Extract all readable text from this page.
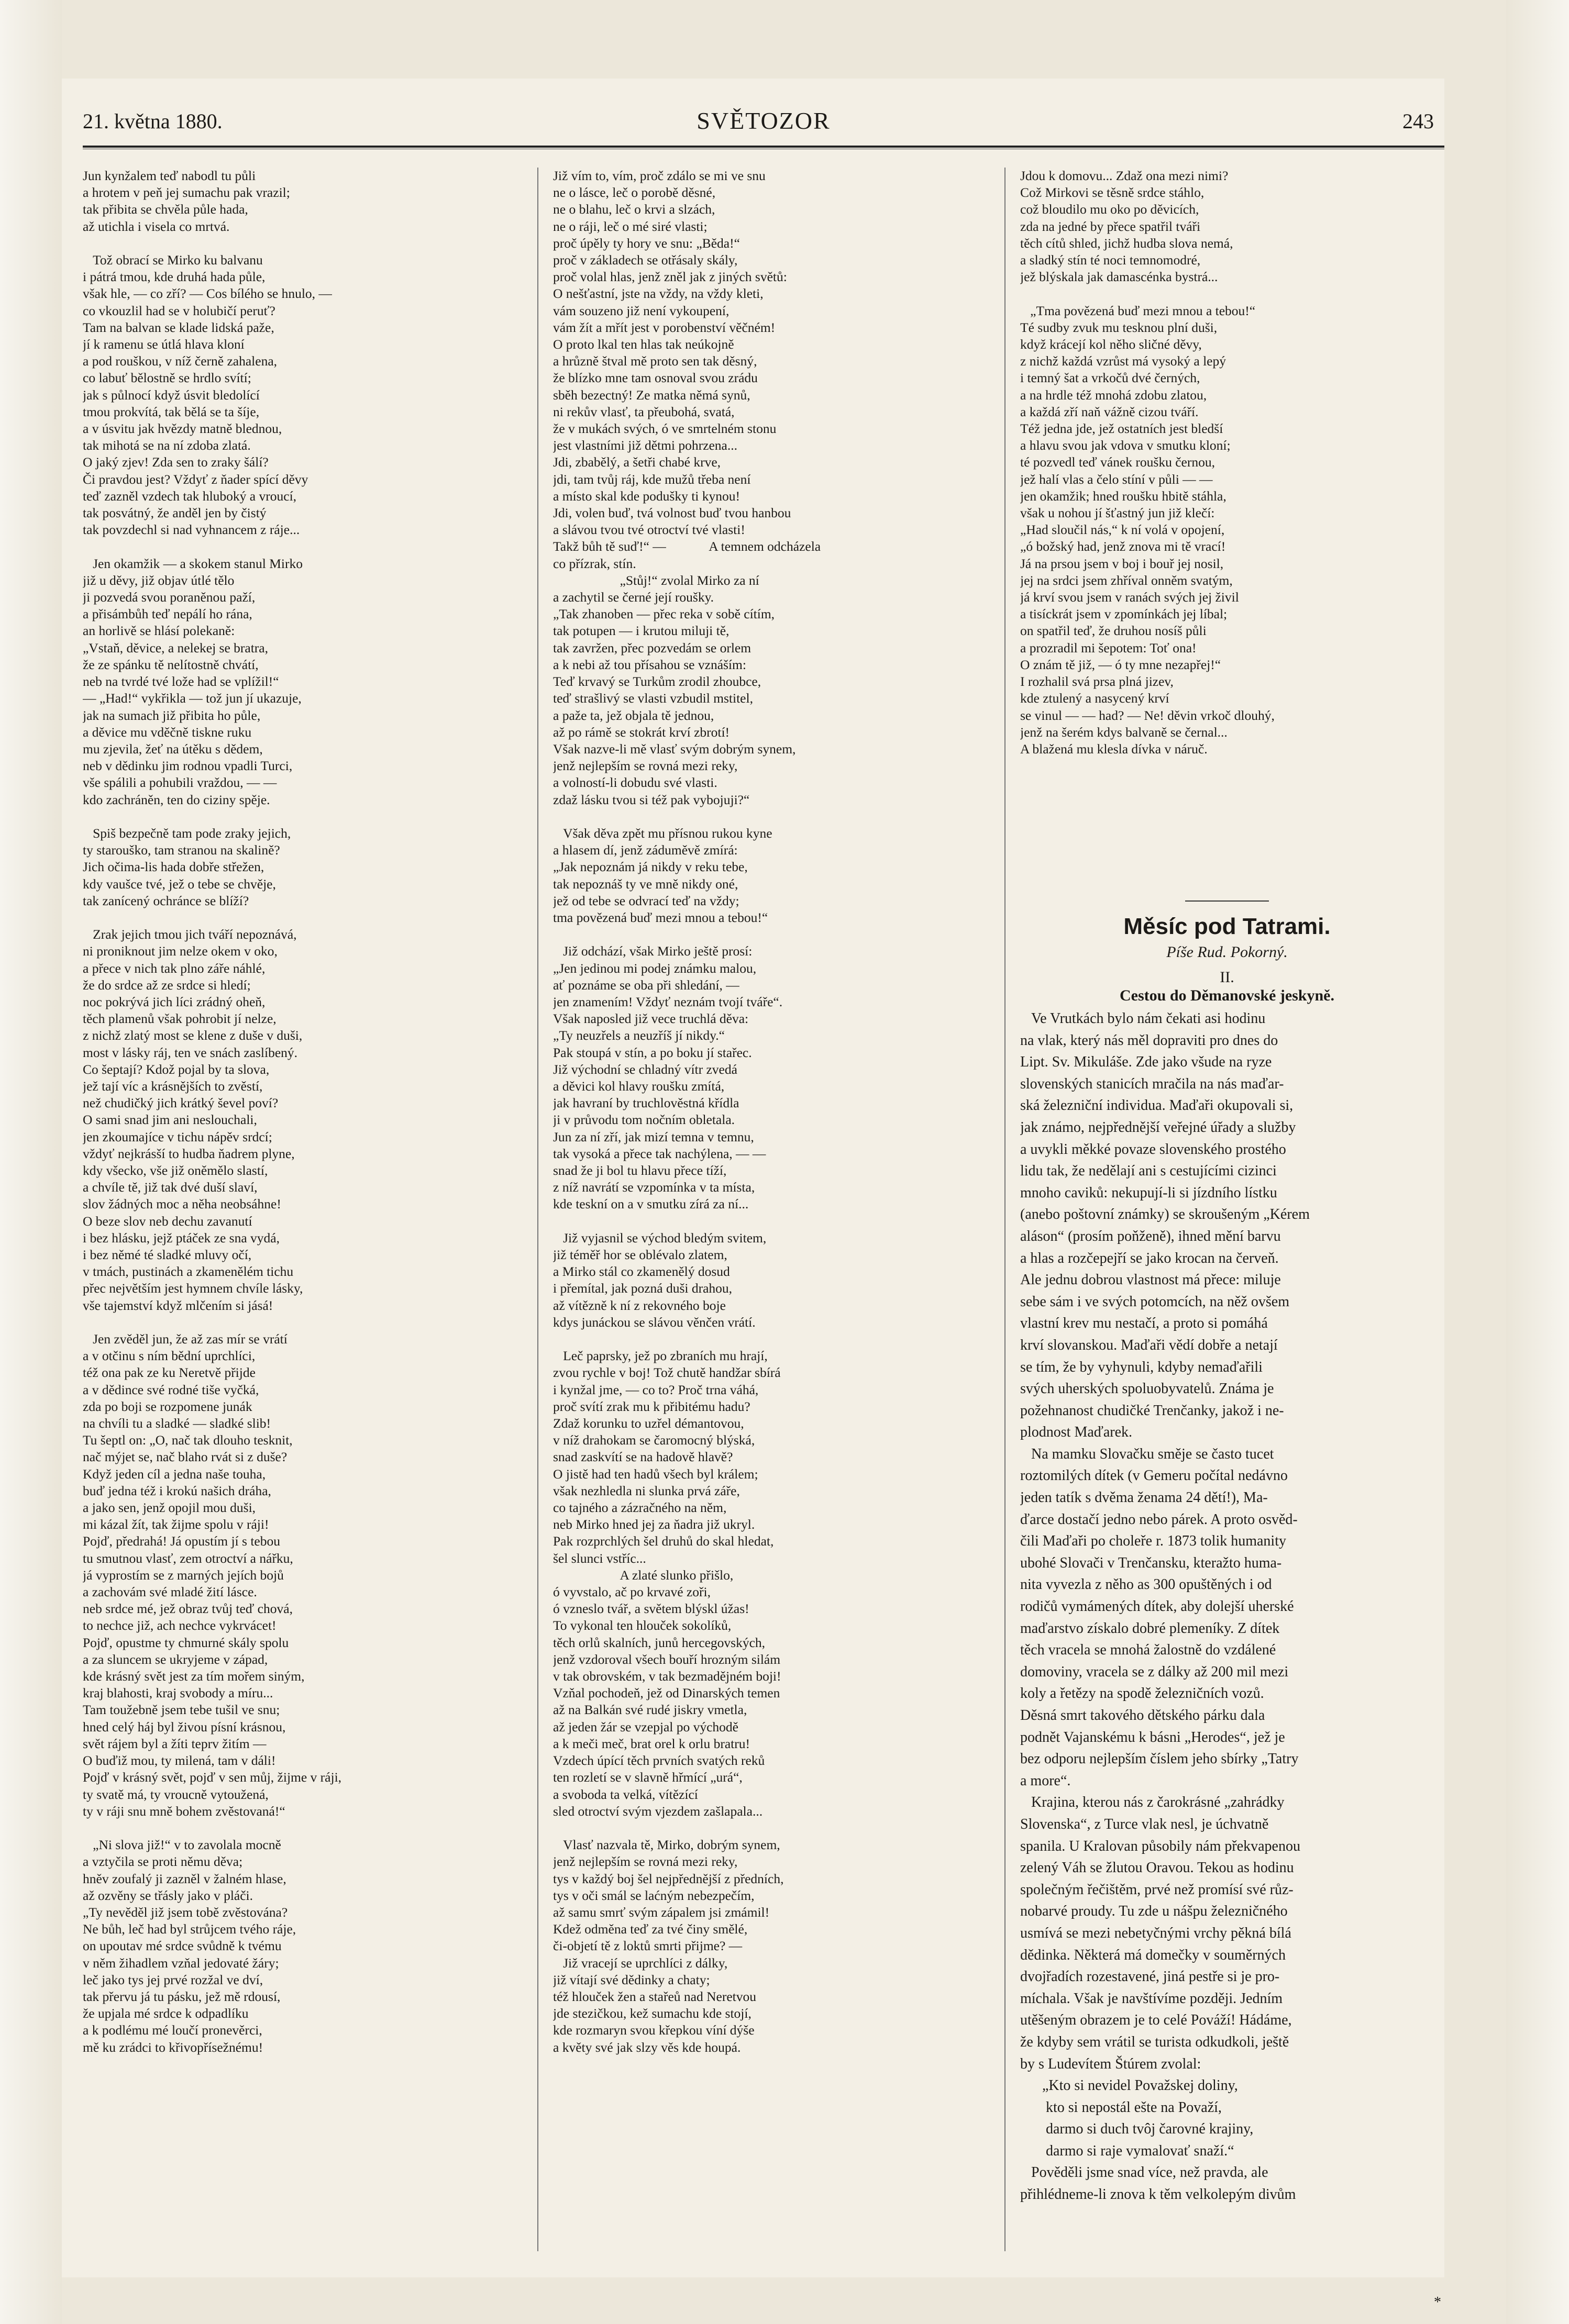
21. května 1880.	SVĚTOZOR	243
Jun kynžalem teď nabodl tu půli
a hrotem v peň jej sumachu pak vrazil;
tak přibita se chvěla půle hada,
až utichla i visela co mrtvá.

Tož obrací se Mirko ku balvanu
i pátrá tmou, kde druhá hada půle,
však hle, — co zří? — Cos bílého se hnulo, —
co vkouzlil had se v holubičí peruť?
Tam na balvan se klade lidská paže,
jí k ramenu se útlá hlava kloní
a pod rouškou, v níž černě zahalena,
co labuť bělostně se hrdlo svítí;
jak s půlnocí když úsvit bledolící
tmou prokvítá, tak bělá se ta šíje,
a v úsvitu jak hvězdy matně blednou,
tak mihotá se na ní zdoba zlatá.
O jaký zjev! Zda sen to zraky šálí?
Či pravdou jest? Vždyť z ňader spící děvy
teď zazněl vzdech tak hluboký a vroucí,
tak posvátný, že anděl jen by čistý
tak povzdechl si nad vyhnancem z ráje...

Jen okamžik — a skokem stanul Mirko
již u děvy, již objav útlé tělo
ji pozvedá svou poraněnou paží,
a přisámbůh teď nepálí ho rána,
an horlivě se hlásí polekaně:
„Vstaň, děvice, a nelekej se bratra,
že ze spánku tě nelítostně chvátí,
neb na tvrdé tvé lože had se vplížil!“
— „Had!“ vykřikla — tož jun jí ukazuje,
jak na sumach již přibita ho půle,
a děvice mu vděčně tiskne ruku
mu zjevila, žeť na útěku s dědem,
neb v dědinku jim rodnou vpadli Turci,
vše spálili a pohubili vraždou, — —
kdo zachráněn, ten do ciziny spěje.

Spiš bezpečně tam pode zraky jejich,
ty starouško, tam stranou na skalině?
Jich očima-lis hada dobře střežen,
kdy vaušce tvé, jež o tebe se chvěje,
tak zanícený ochránce se blíží?

Zrak jejich tmou jich tváří nepoznává,
ni proniknout jim nelze okem v oko,
a přece v nich tak plno záře náhlé,
že do srdce až ze srdce si hledí;
noc pokrývá jich líci zrádný oheň,
těch plamenů však pohrobit jí nelze,
z nichž zlatý most se klene z duše v duši,
most v lásky ráj, ten ve snách zaslíbený.
Co šeptají? Kdož pojal by ta slova,
jež tají víc a krásnějších to zvěstí,
než chudičký jich krátký ševel poví?
O sami snad jim ani neslouchali,
jen zkoumajíce v tichu nápěv srdcí;
vždyť nejkrásší to hudba ňadrem plyne,
kdy všecko, vše již oněmělo slastí,
a chvíle tě, již tak dvé duší slaví,
slov žádných moc a něha neobsáhne!
O beze slov neb dechu zavanutí
i bez hlásku, jejž ptáček ze sna vydá,
i bez němé té sladké mluvy očí,
v tmách, pustinách a zkamenělém tichu
přec největším jest hymnem chvíle lásky,
vše tajemství když mlčením si jásá!

Jen zvěděl jun, že až zas mír se vrátí
a v otčinu s ním bědní uprchlíci,
též ona pak ze ku Neretvě přijde
a v dědince své rodné tiše vyčká,
zda po boji se rozpomene junák
na chvíli tu a sladké — sladké slib!
Tu šeptl on: „O, nač tak dlouho tesknit,
nač mýjet se, nač blaho rvát si z duše?
Když jeden cíl a jedna naše touha,
buď jedna též i krokú našich dráha,
a jako sen, jenž opojil mou duši,
mi kázal žít, tak žijme spolu v ráji!
Pojď, předrahá! Já opustím jí s tebou
tu smutnou vlasť, zem otroctví a nářku,
já vyprostím se z marných jejích bojů
a zachovám své mladé žití lásce.
neb srdce mé, jež obraz tvůj teď chová,
to nechce již, ach nechce vykrvácet!
Pojď, opustme ty chmurné skály spolu
a za sluncem se ukryjeme v západ,
kde krásný svět jest za tím mořem siným,
kraj blahosti, kraj svobody a míru...
Tam toužebně jsem tebe tušil ve snu;
hned celý háj byl živou písní krásnou,
svět rájem byl a žíti teprv žitím —
O buďiž mou, ty milená, tam v dáli!
Pojď v krásný svět, pojď v sen můj, žijme v ráji,
ty svatě má, ty vroucně vytoužená,
ty v ráji snu mně bohem zvěstovaná!“

„Ni slova již!“ v to zavolala mocně
a vztyčila se proti němu děva;
hněv zoufalý ji zazněl v žalném hlase,
až ozvěny se třásly jako v pláči.
„Ty nevěděl již jsem tobě zvěstována?
Ne bůh, leč had byl strůjcem tvého ráje,
on upoutav mé srdce svůdně k tvému
v něm žihadlem vzňal jedovaté žáry;
leč jako tys jej prvé rozžal ve dví,
tak přervu já tu pásku, jež mě rdousí,
že upjala mé srdce k odpadlíku
a k podlému mé loučí pronevěrci,
mě ku zrádci to křivopřísežnému!
Již vím to, vím, proč zdálo se mi ve snu
ne o lásce, leč o porobě děsné,
ne o blahu, leč o krvi a slzách,
ne o ráji, leč o mé siré vlasti;
proč úpěly ty hory ve snu: „Běda!“
proč v základech se otřásaly skály,
proč volal hlas, jenž zněl jak z jiných světů:
O nešťastní, jste na vždy, na vždy kleti,
vám souzeno již není vykoupení,
vám žít a mřít jest v porobenství věčném!
O proto lkal ten hlas tak neúkojně
a hrůzně štval mě proto sen tak děsný,
že blízko mne tam osnoval svou zrádu
sběh bezectný! Ze matka němá synů,
ni rekův vlasť, ta přeubohá, svatá,
že v mukách svých, ó ve smrtelném stonu
jest vlastními již dětmi pohrzena...
Jdi, zbabělý, a šetři chabé krve,
jdi, tam tvůj ráj, kde mužů třeba není
a místo skal kde podušky ti kynou!
Jdi, volen buď, tvá volnost buď tvou hanbou
a slávou tvou tvé otroctví tvé vlasti!
Takž bůh tě suď!“ —             A temnem odcházela
co přízrak, stín.
„Stůj!“ zvolal Mirko za ní
a zachytil se černé její roušky.
„Tak zhanoben — přec reka v sobě cítím,
tak potupen — i krutou miluji tě,
tak zavržen, přec pozvedám se orlem
a k nebi až tou přísahou se vznáším:
Teď krvavý se Turkům zrodil zhoubce,
teď strašlivý se vlasti vzbudil mstitel,
a paže ta, jež objala tě jednou,
až po rámě se stokrát krví zbrotí!
Však nazve-li mě vlasť svým dobrým synem,
jenž nejlepším se rovná mezi reky,
a volností-li dobudu své vlasti.
zdaž lásku tvou si též pak vybojuji?“

Však děva zpět mu přísnou rukou kyne
a hlasem dí, jenž záduměvě zmírá:
„Jak nepoznám já nikdy v reku tebe,
tak nepoznáš ty ve mně nikdy oné,
jež od tebe se odvrací teď na vždy;
tma povězená buď mezi mnou a tebou!“

Již odchází, však Mirko ještě prosí:
„Jen jedinou mi podej známku malou,
ať poznáme se oba při shledání, —
jen znamením! Vždyť neznám tvojí tváře“.
Však naposled již vece truchlá děva:
„Ty neuzřels a neuzříš jí nikdy.“
Pak stoupá v stín, a po boku jí stařec.
Již východní se chladný vítr zvedá
a děvici kol hlavy roušku zmítá,
jak havraní by truchlověstná křídla
ji v průvodu tom nočním obletala.
Jun za ní zří, jak mizí temna v temnu,
tak vysoká a přece tak nachýlena, — —
snad že ji bol tu hlavu přece tíží,
z níž navrátí se vzpomínka v ta místa,
kde teskní on a v smutku zírá za ní...

Již vyjasnil se východ bledým svitem,
již téměř hor se oblévalo zlatem,
a Mirko stál co zkamenělý dosud
i přemítal, jak pozná duši drahou,
až vítězně k ní z rekovného boje
kdys junáckou se slávou věnčen vrátí.

Leč paprsky, jež po zbraních mu hrají,
zvou rychle v boj! Tož chutě handžar sbírá
i kynžal jme, — co to? Proč trna váhá,
proč svítí zrak mu k přibitému hadu?
Zdaž korunku to uzřel démantovou,
v níž drahokam se čaromocný blýská,
snad zaskvítí se na hadově hlavě?
O jistě had ten hadů všech byl králem;
však nezhledla ni slunka prvá záře,
co tajného a zázračného na něm,
neb Mirko hned jej za ňadra již ukryl.
Pak rozprchlých šel druhů do skal hledat,
šel slunci vstříc...
A zlaté slunko přišlo,
ó vyvstalo, ač po krvavé zoři,
ó vzneslo tvář, a světem blýskl úžas!
To vykonal ten hlouček sokolíků,
těch orlů skalních, junů hercegovských,
jenž vzdoroval všech bouří hrozným silám
v tak obrovském, v tak bezmadějném boji!
Vzňal pochodeň, jež od Dinarských temen
až na Balkán své rudé jiskry vmetla,
až jeden žár se vzepjal po východě
a k meči meč, brat orel k orlu bratru!
Vzdech úpící těch prvních svatých reků
ten rozletí se v slavně hřmící „urá“,
a svoboda ta velká, vítězící
sled otroctví svým vjezdem zašlapala...

Vlasť nazvala tě, Mirko, dobrým synem,
jenž nejlepším se rovná mezi reky,
tys v každý boj šel nejpřednější z předních,
tys v oči smál se laćným nebezpečím,
až samu smrť svým zápalem jsi zmámil!
Kdež odměna teď za tvé činy smělé,
či-objetí tě z loktů smrti přijme? —
Již vracejí se uprchlíci z dálky,
již vítají své dědinky a chaty;
též hlouček žen a stařeů nad Neretvou
jde stezičkou, kež sumachu kde stojí,
kde rozmaryn svou křepkou víní dýše
a květy své jak slzy věs kde houpá.
Jdou k domovu... Zdaž ona mezi nimi?
Což Mirkovi se těsně srdce stáhlo,
což bloudilo mu oko po děvicích,
zda na jedné by přece spatřil tváři
těch cítů shled, jichž hudba slova nemá,
a sladký stín té noci temnomodré,
jež blýskala jak damascénka bystrá...

„Tma povězená buď mezi mnou a tebou!“
Té sudby zvuk mu tesknou plní duši,
když krácejí kol něho sličné děvy,
z nichž každá vzrůst má vysoký a lepý
i temný šat a vrkočů dvé černých,
a na hrdle též mnohá zdobu zlatou,
a každá zří naň vážně cizou tváří.
Též jedna jde, jež ostatních jest bledší
a hlavu svou jak vdova v smutku kloní;
té pozvedl teď vánek roušku černou,
jež halí vlas a čelo stíní v půli — —
jen okamžik; hned roušku hbitě stáhla,
však u nohou jí šťastný jun již klečí:
„Had sloučil nás,“ k ní volá v opojení,
„ó božský had, jenž znova mi tě vrací!
Já na prsou jsem v boj i bouř jej nosil,
jej na srdci jsem zhříval onněm svatým,
já krví svou jsem v ranách svých jej živil
a tisíckrát jsem v zpomínkách jej líbal;
on spatřil teď, že druhou nosíš půli
a prozradil mi šepotem: Toť ona!
O znám tě již, — ó ty mne nezapřej!“
I rozhalil svá prsa plná jizev,
kde ztulený a nasycený krví
se vinul — — had? — Ne! děvin vrkoč dlouhý,
jenž na šerém kdys balvaně se černal...
A blažená mu klesla dívka v náruč.
Měsíc pod Tatrami.
Píše Rud. Pokorný.
II.
Cestou do Děmanovské jeskyně.
Ve Vrutkách bylo nám čekati asi hodinu
na vlak, který nás měl dopraviti pro dnes do
Lipt. Sv. Mikuláše. Zde jako všude na ryze
slovenských stanicích mračila na nás maďar-
ská železniční individua. Maďaři okupovali si,
jak známo, nejpřednější veřejné úřady a služby
a uvykli měkké povaze slovenského prostého
lidu tak, že nedělají ani s cestujícími cizinci
mnoho caviků: nekupují-li si jízdního lístku
(anebo poštovní známky) se skroušeným „Kérem
aláson“ (prosím poňženě), ihned mění barvu
a hlas a rozčepejří se jako krocan na červeň.
Ale jednu dobrou vlastnost má přece: miluje
sebe sám i ve svých potomcích, na něž ovšem
vlastní krev mu nestačí, a proto si pomáhá
krví slovanskou. Maďaři vědí dobře a netají
se tím, že by vyhynuli, kdyby nemaďařili
svých uherských spoluobyvatelů. Známa je
požehnanost chudičké Trenčanky, jakož i ne-
plodnost Maďarek.
Na mamku Slovačku směje se často tucet
roztomilých dítek (v Gemeru počítal nedávno
jeden tatík s dvěma ženama 24 dětí!), Ma-
ďarce dostačí jedno nebo párek. A proto osvěd-
čili Maďaři po choleře r. 1873 tolik humanity
ubohé Slovači v Trenčansku, kteražto huma-
nita vyvezla z něho as 300 opuštěných i od
rodičů vymámených dítek, aby dolejší uherské
maďarstvo získalo dobré plemeníky. Z dítek
těch vracela se mnohá žalostně do vzdálené
domoviny, vracela se z dálky až 200 mil mezi
koly a řetězy na spodě železničních vozů.
Děsná smrt takového dětského párku dala
podnět Vajanskému k básni „Herodes“, jež je
bez odporu nejlepším číslem jeho sbírky „Tatry
a more“.
Krajina, kterou nás z čarokrásné „zahrádky
Slovenska“, z Turce vlak nesl, je úchvatně
spanila. U Kralovan působily nám překvapenou
zelený Váh se žlutou Oravou. Tekou as hodinu
společným řečištěm, prvé než promísí své růz-
nobarvé proudy. Tu zde u nášpu železničného
usmívá se mezi nebetyčnými vrchy pěkná bílá
dědinka. Některá má domečky v souměrných
dvojřadích rozestavené, jiná pestře si je pro-
míchala. Však je navštívíme později. Jedním
utěšeným obrazem je to celé Pováží! Hádáme,
že kdyby sem vrátil se turista odkudkoli, ještě
by s Ludevítem Štúrem zvolal:
„Kto si nevidel Považskej doliny,
kto si nepostál ešte na Považí,
darmo si duch tvôj čarovné krajiny,
darmo si raje vymalovať snaží.“
Pověděli jsme snad více, než pravda, ale
přihlédneme-li znova k těm velkolepým divům
*
